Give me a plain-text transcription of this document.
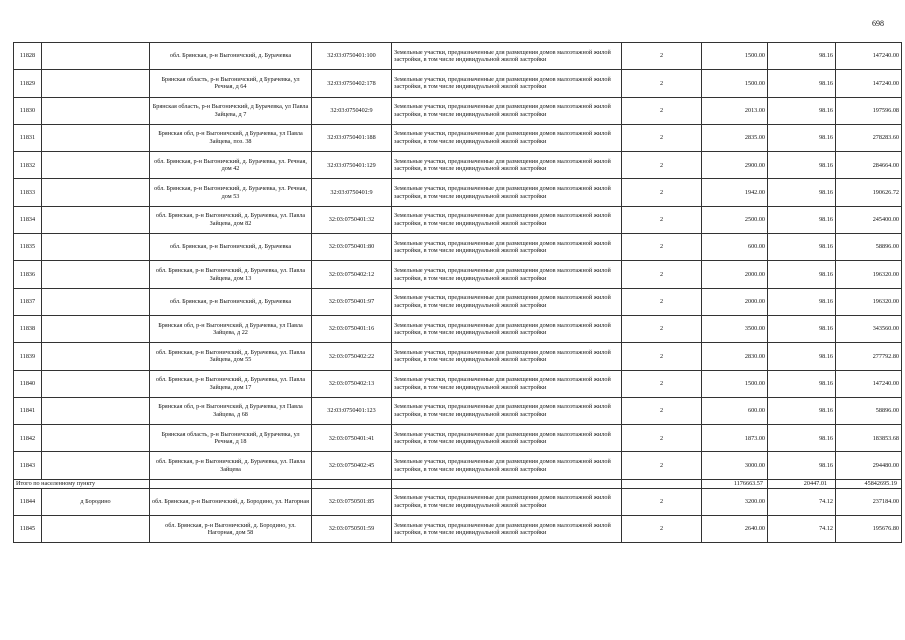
698
11828		обл. Брянская, р-н Выгоничский, д. Бурачевка	32:03:0750401:100	Земельные участки, предназначенные для размещения домов малоэтажной жилой застройки, в том числе индивидуальной жилой застройки	2	1500.00	98.16	147240.00
11829		Брянская область, р-н Выгоничский, д Бурачевка, ул Речная, д 64	32:03:0750402:178	Земельные участки, предназначенные для размещения домов малоэтажной жилой застройки, в том числе индивидуальной жилой застройки	2	1500.00	98.16	147240.00
11830		Брянская область, р-н Выгоничский, д Бурачевка, ул Павла Зайцева, д 7	32:03:0750402:9	Земельные участки, предназначенные для размещения домов малоэтажной жилой застройки, в том числе индивидуальной жилой застройки	2	2013.00	98.16	197596.08
11831		Брянская обл, р-н Выгоничский, д Бурачевка, ул Павла Зайцева, поз. 38	32:03:0750401:188	Земельные участки, предназначенные для размещения домов малоэтажной жилой застройки, в том числе индивидуальной жилой застройки	2	2835.00	98.16	278283.60
11832		обл. Брянская, р-н Выгоничский, д. Бурачевка, ул. Речная, дом 42	32:03:0750401:129	Земельные участки, предназначенные для размещения домов малоэтажной жилой застройки, в том числе индивидуальной жилой застройки	2	2900.00	98.16	284664.00
11833		обл. Брянская, р-н Выгоничский, д. Бурачевка, ул. Речная, дом 53	32:03:0750401:9	Земельные участки, предназначенные для размещения домов малоэтажной жилой застройки, в том числе индивидуальной жилой застройки	2	1942.00	98.16	190626.72
11834		обл. Брянская, р-н Выгоничский, д. Бурачевка, ул. Павла Зайцева, дом 82	32:03:0750401:32	Земельные участки, предназначенные для размещения домов малоэтажной жилой застройки, в том числе индивидуальной жилой застройки	2	2500.00	98.16	245400.00
11835		обл. Брянская, р-н Выгоничский, д. Бурачевка	32:03:0750401:80	Земельные участки, предназначенные для размещения домов малоэтажной жилой застройки, в том числе индивидуальной жилой застройки	2	600.00	98.16	58896.00
11836		обл. Брянская, р-н Выгоничский, д. Бурачевка, ул. Павла Зайцева, дом 13	32:03:0750402:12	Земельные участки, предназначенные для размещения домов малоэтажной жилой застройки, в том числе индивидуальной жилой застройки	2	2000.00	98.16	196320.00
11837		обл. Брянская, р-н Выгоничский, д. Бурачевка	32:03:0750401:97	Земельные участки, предназначенные для размещения домов малоэтажной жилой застройки, в том числе индивидуальной жилой застройки	2	2000.00	98.16	196320.00
11838		Брянская обл, р-н Выгоничский, д Бурачевка, ул Павла Зайцева, д 22	32:03:0750401:16	Земельные участки, предназначенные для размещения домов малоэтажной жилой застройки, в том числе индивидуальной жилой застройки	2	3500.00	98.16	343560.00
11839		обл. Брянская, р-н Выгоничский, д. Бурачевка, ул. Павла Зайцева, дом 55	32:03:0750402:22	Земельные участки, предназначенные для размещения домов малоэтажной жилой застройки, в том числе индивидуальной жилой застройки	2	2830.00	98.16	277792.80
11840		обл. Брянская, р-н Выгоничский, д. Бурачевка, ул. Павла Зайцева, дом 17	32:03:0750402:13	Земельные участки, предназначенные для размещения домов малоэтажной жилой застройки, в том числе индивидуальной жилой застройки	2	1500.00	98.16	147240.00
11841		Брянская обл, р-н Выгоничский, д Бурачевка, ул Павла Зайцева, д 68	32:03:0750401:123	Земельные участки, предназначенные для размещения домов малоэтажной жилой застройки, в том числе индивидуальной жилой застройки	2	600.00	98.16	58896.00
11842		Брянская область, р-н Выгоничский, д Бурачевка, ул Речная, д 18	32:03:0750401:41	Земельные участки, предназначенные для размещения домов малоэтажной жилой застройки, в том числе индивидуальной жилой застройки	2	1873.00	98.16	183853.68
11843		обл. Брянская, р-н Выгоничский, д. Бурачевка, ул. Павла Зайцева	32:03:0750402:45	Земельные участки, предназначенные для размещения домов малоэтажной жилой застройки, в том числе индивидуальной жилой застройки	2	3000.00	98.16	294480.00
Итого по населенному пункту						1176663.57	20447.01	45842695.19
11844	д Бородино	обл. Брянская, р-н Выгоничский, д. Бородино, ул. Нагорная	32:03:0750501:85	Земельные участки, предназначенные для размещения домов малоэтажной жилой застройки, в том числе индивидуальной жилой застройки	2	3200.00	74.12	237184.00
11845		обл. Брянская, р-н Выгоничский, д. Бородино, ул. Нагорная, дом 58	32:03:0750501:59	Земельные участки, предназначенные для размещения домов малоэтажной жилой застройки, в том числе индивидуальной жилой застройки	2	2640.00	74.12	195676.80
